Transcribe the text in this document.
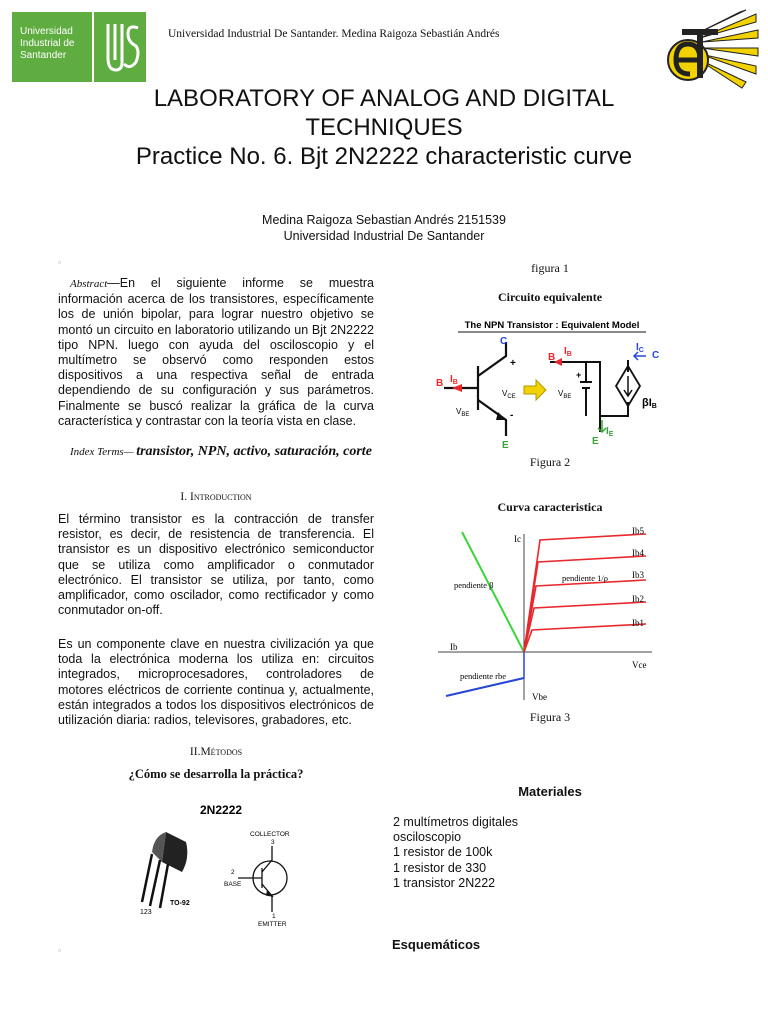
Universidad
Industrial de
Santander
Universidad Industrial De Santander. Medina Raigoza Sebastián Andrés
LABORATORY OF ANALOG AND DIGITAL
TECHNIQUES
Practice No. 6. Bjt 2N2222 characteristic curve
Medina Raigoza Sebastian Andrés 2151539
Universidad Industrial De Santander
▫
Abstract—En el siguiente informe se muestra información acerca de los transistores, específicamente los de unión bipolar, para lograr nuestro objetivo se montó un circuito en laboratorio utilizando un Bjt 2N2222 tipo NPN. luego con ayuda del osciloscopio y el multímetro se observó como responden estos dispositivos a una respectiva señal de entrada dependiendo de su configuración y sus parámetros. Finalmente se buscó realizar la gráfica de la curva característica y contrastar con la teoría vista en clase.
Index Terms— transistor, NPN, activo, saturación, corte
I. Introduction
El término transistor es la contracción de transfer resistor, es decir, de resistencia de transferencia. El transistor es un dispositivo electrónico semiconductor que se utiliza como amplificador o conmutador electrónico. El transistor se utiliza, por tanto, como amplificador, como oscilador, como rectificador y como conmutador on-off.
Es un componente clave en nuestra civilización ya que toda la electrónica moderna los utiliza en: circuitos integrados, microprocesadores, controladores de motores eléctricos de corriente continua y, actualmente, están integrados a todos los dispositivos electrónicos de utilización diaria: radios, televisores, grabadores, etc.
II.Métodos
¿Cómo se desarrolla la práctica?
2N2222
TO-92
123
COLLECTOR
3
2
BASE
1
EMITTER
▫
figura 1
Circuito equivalente
The NPN Transistor : Equivalent Model
C
B
E
$I_B$
$V_{BE}$
$V_{CE}$
+
-
B
$I_B$	C
$I_C$
βIB
$V_{BE}$
+
$I_E$
E
Figura 2
Curva caracteristica
Ib5
Ib4
Ib3
Ib2
Ib1
Ic
Ib
Vce
Vbe
pendiente β
pendiente 1/ρ
pendiente rbe
Figura 3
Materiales
2 multímetros digitales
osciloscopio
1 resistor de 100k
1 resistor de 330
1 transistor 2N222
Esquemáticos
